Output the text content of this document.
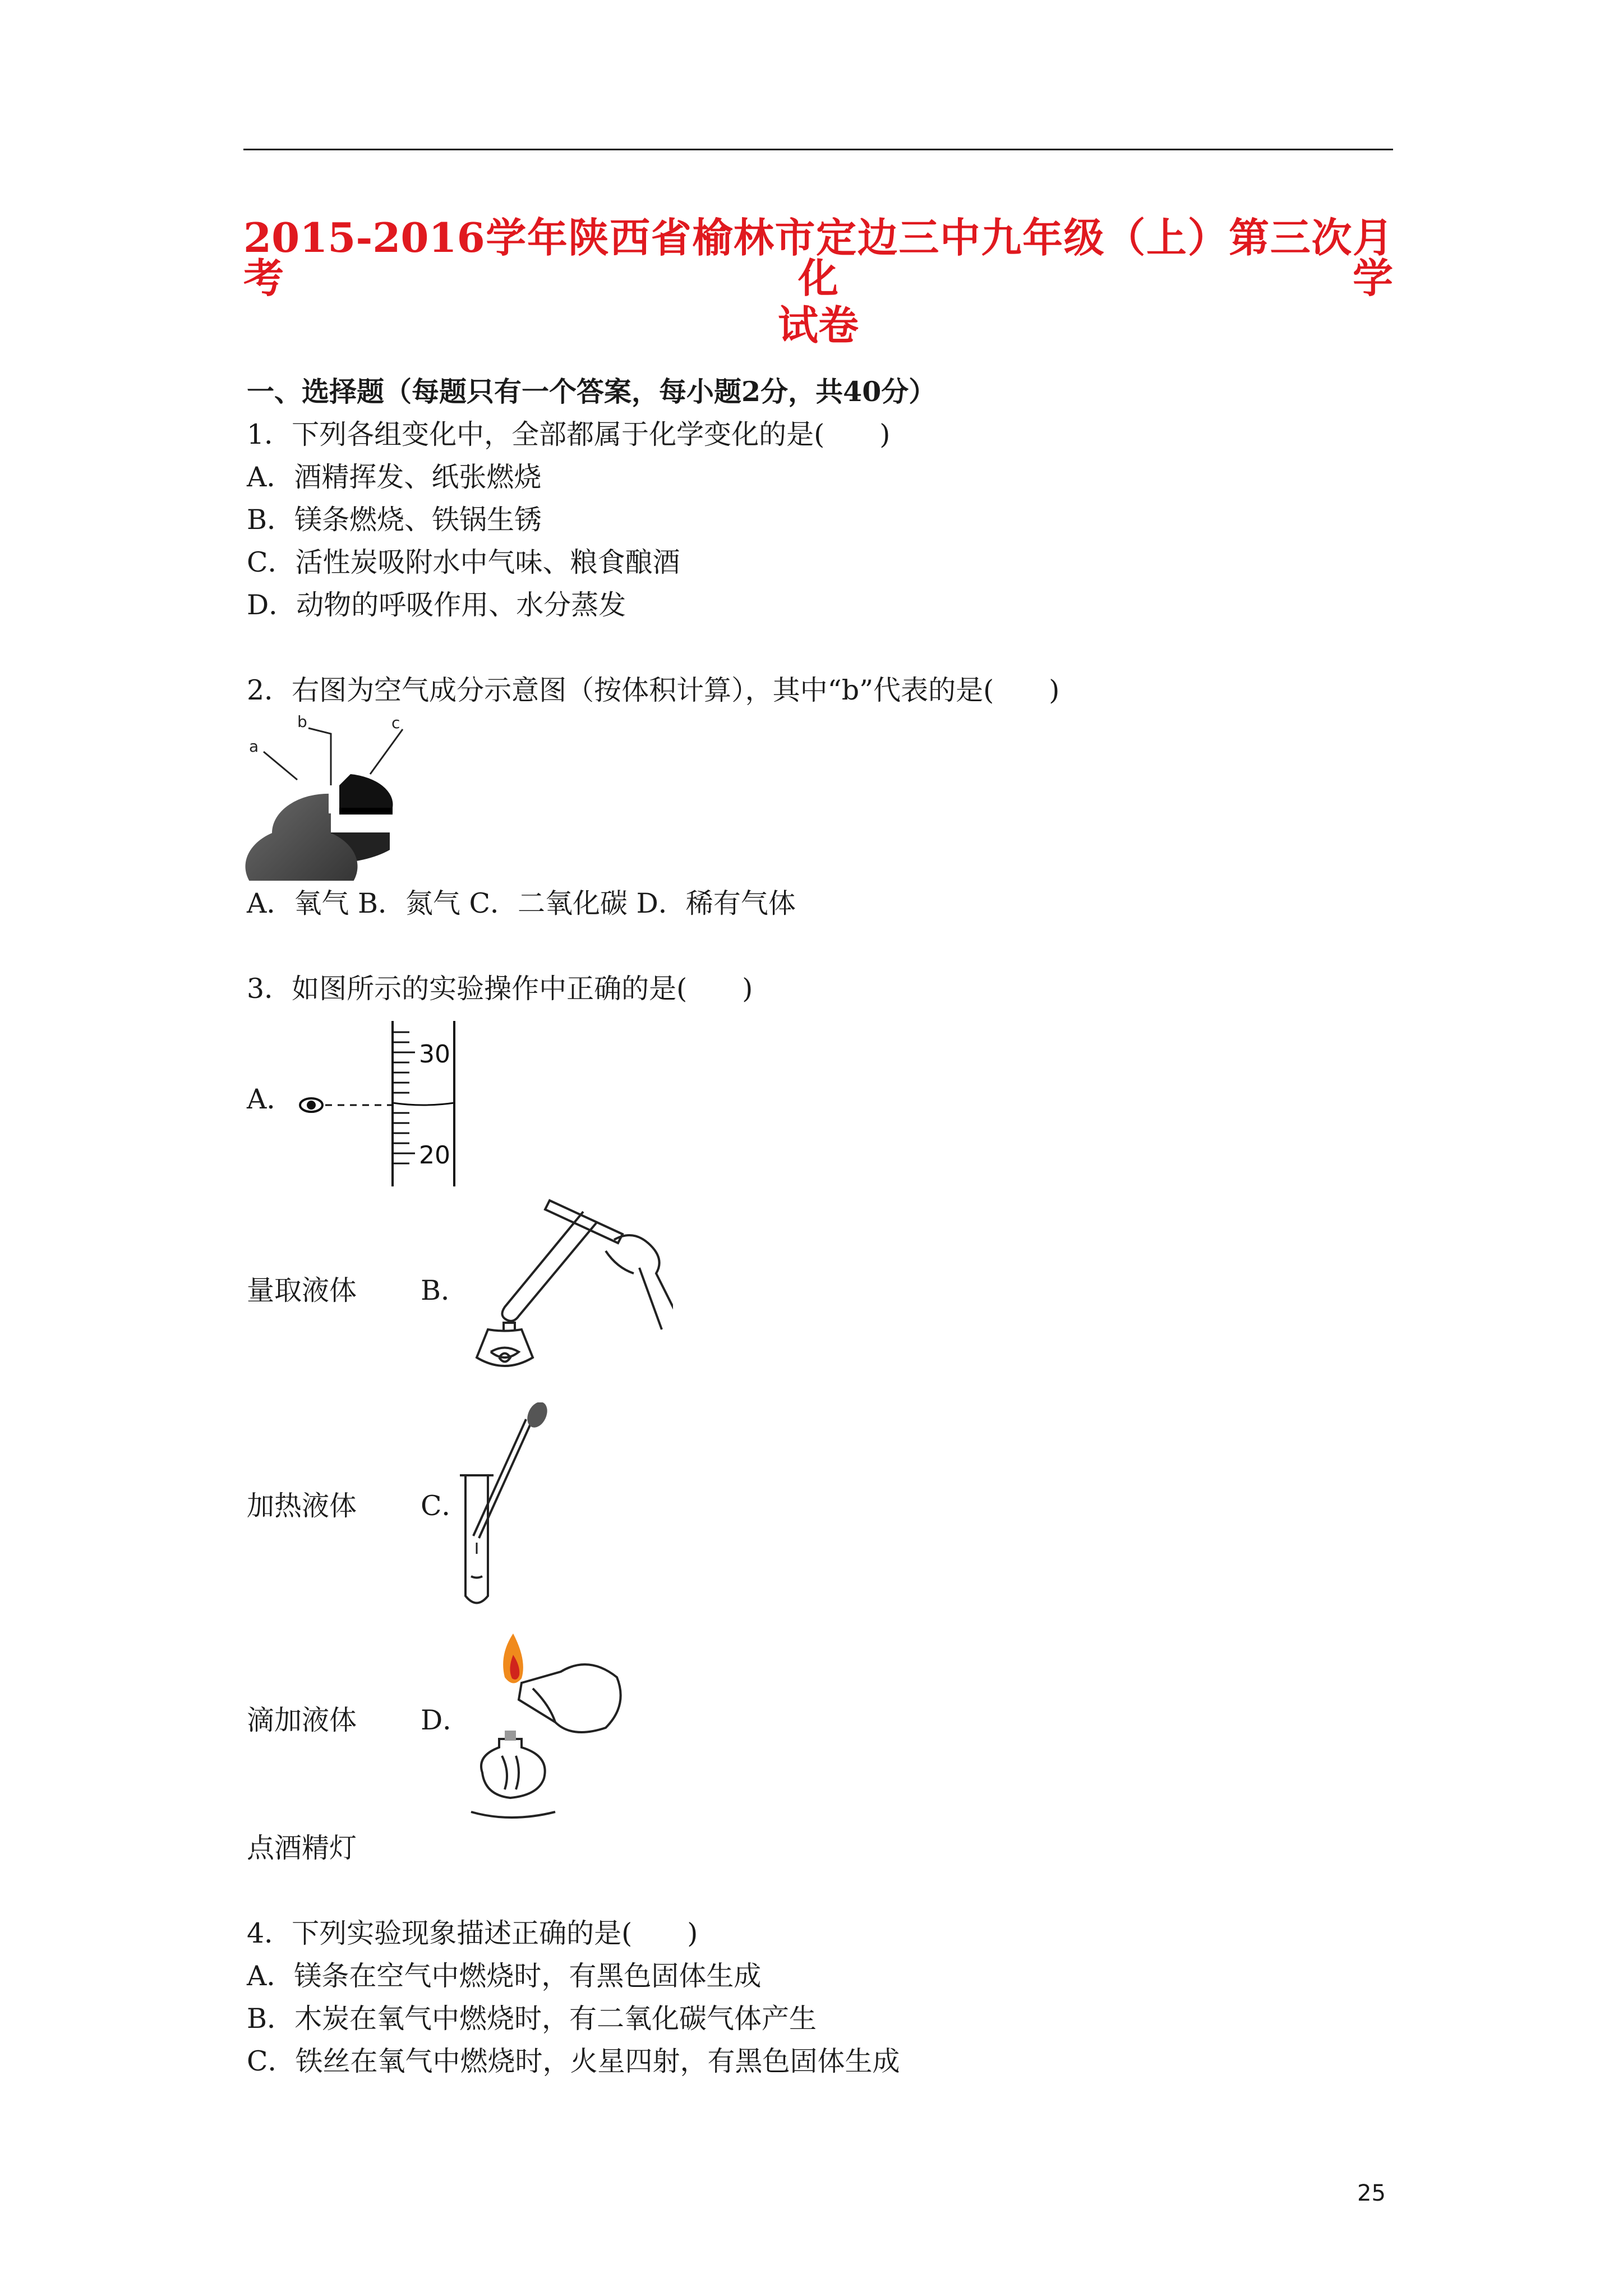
2015-2016学年陕西省榆林市定边三中九年级（上）第三次月考化学
试卷
一、选择题（每题只有一个答案，每小题2分，共40分）
1．下列各组变化中，全部都属于化学变化的是(　　)
A．酒精挥发、纸张燃烧
B．镁条燃烧、铁锅生锈
C．活性炭吸附水中气味、粮食酿酒
D．动物的呼吸作用、水分蒸发
2．右图为空气成分示意图（按体积计算），其中“b”代表的是(　　)
a
b	c
A．氧气 B．氮气 C．二氧化碳 D．稀有气体
3．如图所示的实验操作中正确的是(　　)
A．
30
20
量取液体 B．
加热液体 C．
滴加液体 D．
点酒精灯
4．下列实验现象描述正确的是(　　)
A．镁条在空气中燃烧时，有黑色固体生成
B．木炭在氧气中燃烧时，有二氧化碳气体产生
C．铁丝在氧气中燃烧时，火星四射，有黑色固体生成
25
